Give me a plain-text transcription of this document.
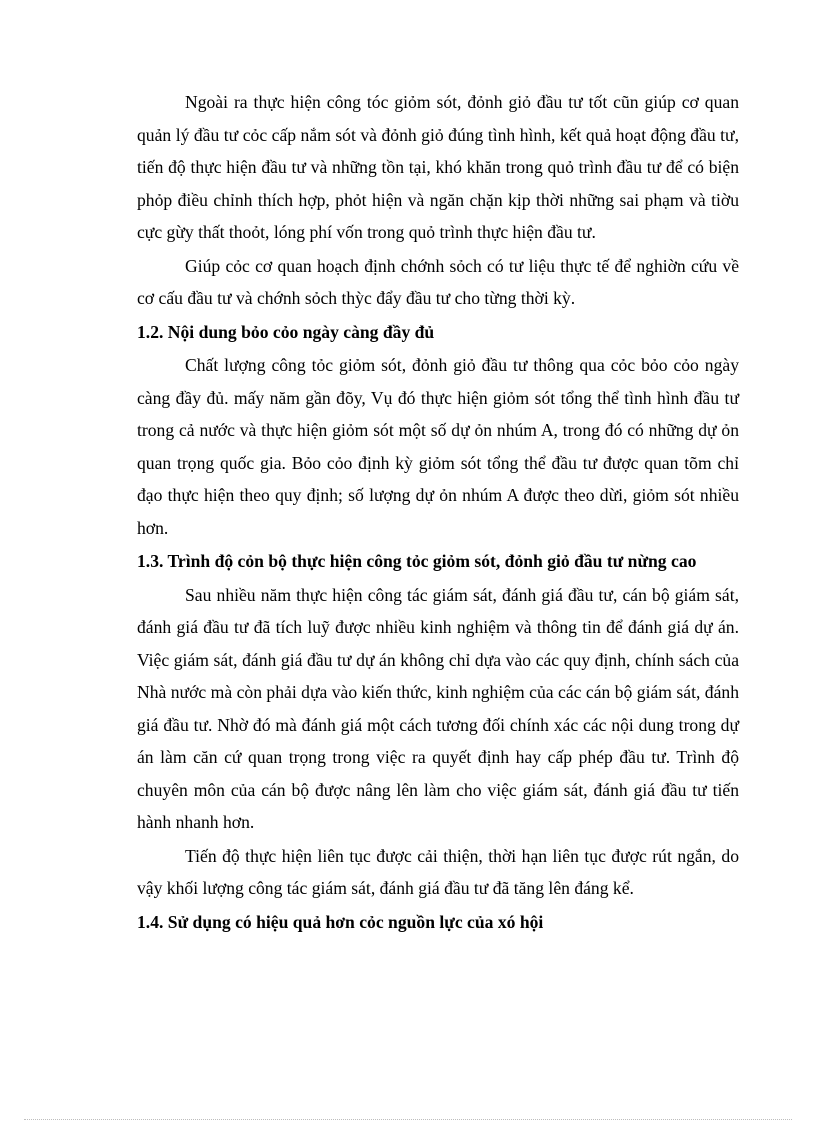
Ngoài ra thực hiện công tóc giỏm sót, đỏnh giỏ đầu tư tốt cũn giúp cơ quan quản lý đầu tư cỏc cấp nắm sót và đỏnh giỏ đúng tình hình, kết quả hoạt động đầu tư, tiến độ thực hiện đầu tư và những tồn tại, khó khăn trong quỏ trình đầu tư để có biện phỏp điều chỉnh thích hợp, phỏt hiện và ngăn chặn kịp thời những sai phạm và tiờu cực gừy thất thoỏt, lóng phí vốn trong quỏ trình thực hiện đầu tư.

Giúp cỏc cơ quan hoạch định chớnh sỏch có tư liệu thực tế để nghiờn cứu về cơ cấu đầu tư và chớnh sỏch thỳc đẩy đầu tư cho từng thời kỳ.

1.2. Nội dung bỏo cỏo ngày càng đầy đủ

Chất lượng công tỏc giỏm sót, đỏnh giỏ đầu tư thông qua cỏc bỏo cỏo ngày càng đầy đủ. mấy năm gần đõy, Vụ đó thực hiện giỏm sót tổng thể tình hình đầu tư trong cả nước và thực hiện giỏm sót một số dự ỏn nhúm A, trong đó có những dự ỏn quan trọng quốc gia. Bỏo cỏo định kỳ giỏm sót tổng thể đầu tư được quan tõm chỉ đạo thực hiện theo quy định; số lượng dự ỏn nhúm A được theo dừi, giỏm sót nhiều hơn.

1.3. Trình độ cỏn bộ thực hiện công tỏc giỏm sót, đỏnh giỏ đầu tư nừng cao

Sau nhiều năm thực hiện công tác giám sát, đánh giá đầu tư, cán bộ giám sát, đánh giá đầu tư đã tích luỹ được nhiều kinh nghiệm và thông tin để đánh giá dự án. Việc giám sát, đánh giá đầu tư dự án không chỉ dựa vào các quy định, chính sách của Nhà nước mà còn phải dựa vào kiến thức, kinh nghiệm của các cán bộ giám sát, đánh giá đầu tư. Nhờ đó mà đánh giá một cách tương đối chính xác các nội dung trong dự án làm căn cứ quan trọng trong việc ra quyết định hay cấp phép đầu tư. Trình độ chuyên môn của cán bộ được nâng lên làm cho việc giám sát, đánh giá đầu tư tiến hành nhanh hơn.

Tiến độ thực hiện liên tục được cải thiện, thời hạn liên tục được rút ngắn, do vậy khối lượng công tác giám sát, đánh giá đầu tư đã tăng lên đáng kể.

1.4. Sử dụng có hiệu quả hơn cỏc nguồn lực của xó hội
